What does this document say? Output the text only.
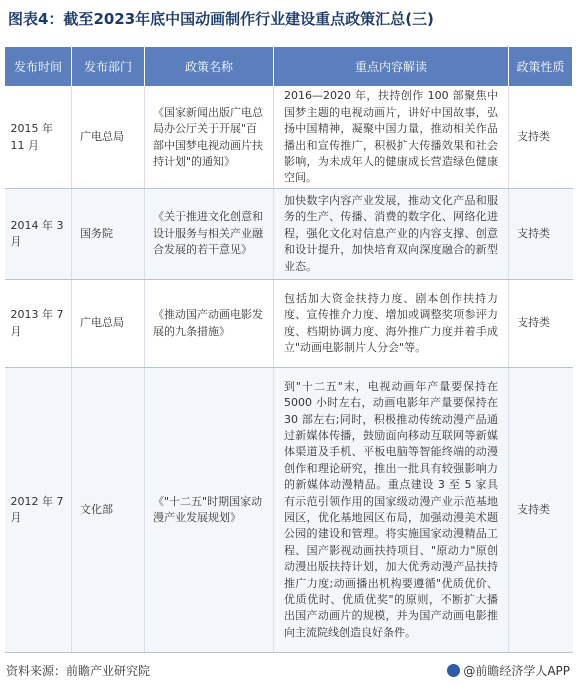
图表4：截至2023年底中国动画制作行业建设重点政策汇总(三)
发布时间	发布部门	政策名称	重点内容解读	政策性质
2015 年 11 月	广电总局	《国家新闻出版广电总局办公厅关于开展"百部中国梦电视动画片扶持计划"的通知》	2016—2020 年，扶持创作 100 部聚焦中国梦主题的电视动画片，讲好中国故事，弘扬中国精神，凝聚中国力量，推动相关作品播出和宣传推广，积极扩大传播效果和社会影响，为未成年人的健康成长营造绿色健康空间。	支持类
2014 年 3 月	国务院	《关于推进文化创意和设计服务与相关产业融合发展的若干意见》	加快数字内容产业发展，推动文化产品和服务的生产、传播、消费的数字化、网络化进程，强化文化对信息产业的内容支撑、创意和设计提升，加快培育双向深度融合的新型业态。	支持类
2013 年 7 月	广电总局	《推动国产动画电影发展的九条措施》	包括加大资金扶持力度、剧本创作扶持力度、宣传推介力度、增加或调整奖项参评力度、档期协调力度、海外推广力度并着手成立"动画电影制片人分会"等。	支持类
2012 年 7 月	文化部	《"十二五"时期国家动漫产业发展规划》	到"十二五"末，电视动画年产量要保持在 5000 小时左右，动画电影年产量要保持在 30 部左右;同时，积极推动传统动漫产品通过新媒体传播，鼓励面向移动互联网等新媒体渠道及手机、平板电脑等智能终端的动漫创作和理论研究，推出一批具有较强影响力的新媒体动漫精品。重点建设 3 至 5 家具有示范引领作用的国家级动漫产业示范基地园区，优化基地园区布局，加强动漫美术题公园的建设和管理。将实施国家动漫精品工程、国产影视动画扶持项目、"原动力"原创动漫出版扶持计划，加大优秀动漫产品扶持推广力度;动画播出机构要遵循"优质优价、优质优时、优质优奖"的原则，不断扩大播出国产动画片的规模，并为国产动画电影推向主流院线创造良好条件。	支持类
资料来源：前瞻产业研究院	@前瞻经济学人APP
